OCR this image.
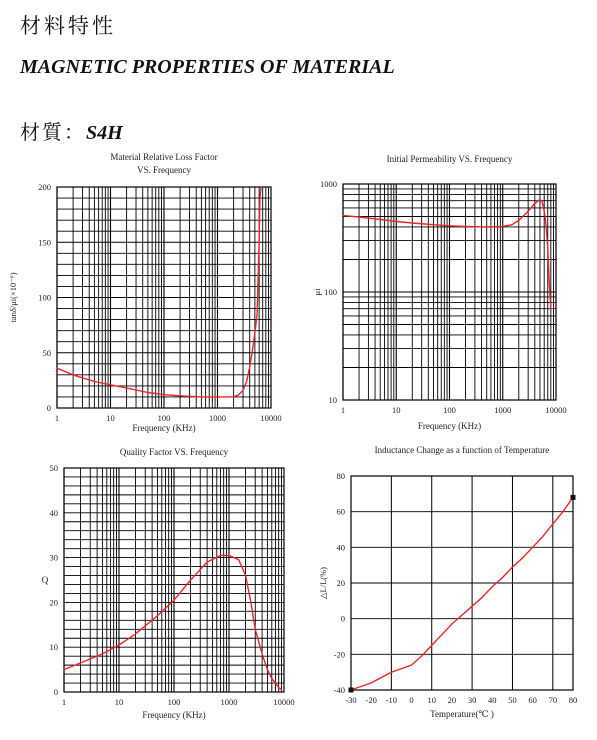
材料特性
MAGNETIC PROPERTIES OF MATERIAL
材質：S4H
1	10	100	1000	10000
0
50
100
150
200
Material Relative Loss Factor
VS. Frequency
Frequency (KHz)
tanδ/μi(×10⁻⁶)
1	10	100	1000	10000
10
100
1000
Initial Permeability VS. Frequency
Frequency (KHz)
μi
1	10	100	1000	10000
0
10
20
30
40
50
Quality Factor VS. Frequency
Frequency (KHz)
Q
-30 -20 -10 0 10 20 30 40 50 60 70 80
-40
-20
0
20
40
60
80
Inductance Change as a function of Temperature
Temperature(℃ )
△L/L(%)
